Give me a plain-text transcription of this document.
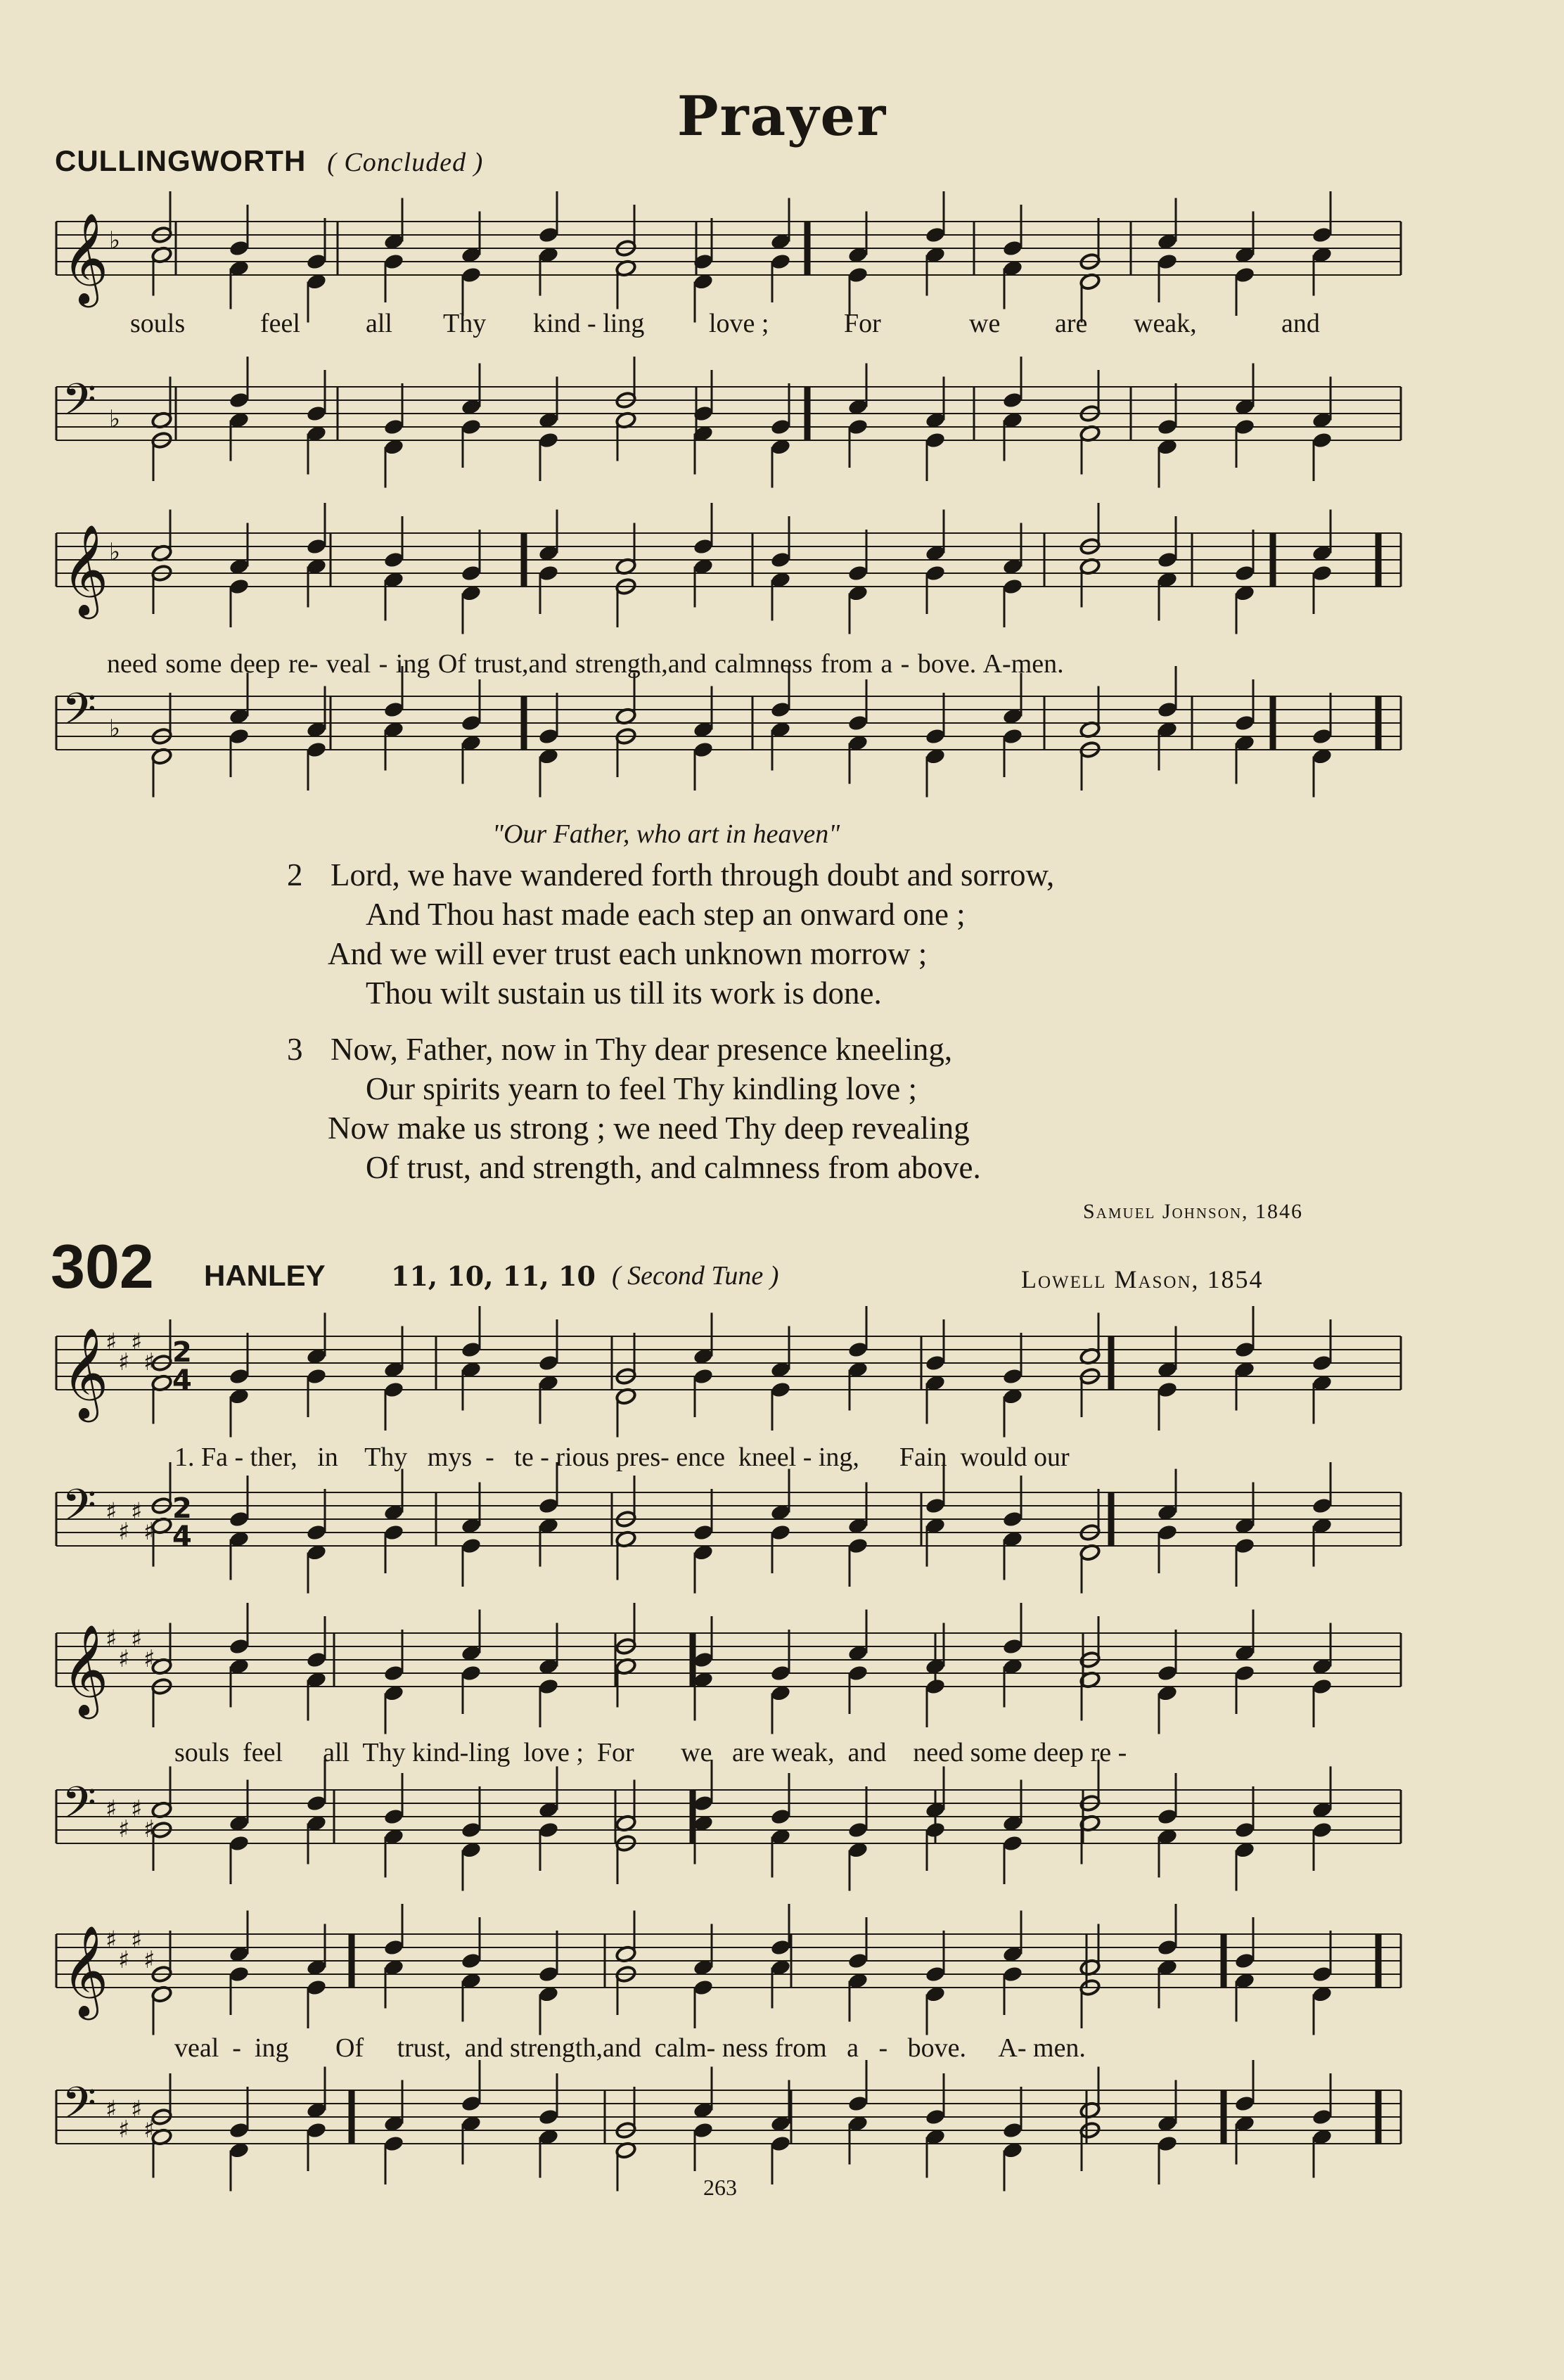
Prayer
CULLINGWORTH ( Concluded )
𝄞
𝄢
𝄞
𝄢
𝄞
𝄢
𝄞
𝄢
𝄞
𝄢
♭
♭
♭
♭
♯
♯
♯
♯
♯
♯
♯
♯
♯
♯
♯
♯
♯
♯
♯
♯
♯
♯
♯
♯
♯
♯
♯
♯
2
4
2
4
souls	feel all Thy kind - ling love ;	For	we are weak,	and
need some deep re- veal - ing Of trust,and strength,and calmness from a - bove. A-men.
"Our Father, who art in heaven"
2 Lord, we have wandered forth through doubt and sorrow,
And Thou hast made each step an onward one ;
And we will ever trust each unknown morrow ;
Thou wilt sustain us till its work is done.
3 Now, Father, now in Thy dear presence kneeling,
Our spirits yearn to feel Thy kindling love ;
Now make us strong ; we need Thy deep revealing
Of trust, and strength, and calmness from above.
Samuel Johnson, 1846
302 HANLEY 11, 10, 11, 10 ( Second Tune )	Lowell Mason, 1854
1. Fa - ther,   in    Thy   mys  -   te - rious pres- ence  kneel - ing,      Fain  would our
souls  feel      all  Thy kind-ling  love ;  For       we   are weak,  and    need some deep re -
veal  -  ing       Of     trust,  and strength,and  calm- ness from   a   -   bove.     A- men.
263
